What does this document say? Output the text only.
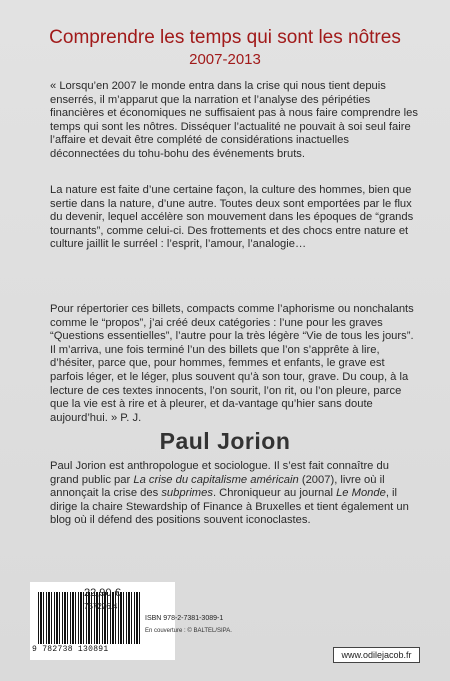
Comprendre les temps qui sont les nôtres
2007-2013
« Lorsqu’en 2007 le monde entra dans la crise qui nous tient depuis enserrés, il m’apparut que la narration et l’analyse des péripéties financières et économiques ne suffisaient pas à nous faire comprendre les temps qui sont les nôtres. Disséquer l’actualité ne pouvait à soi seul faire l’affaire et devait être complété de considérations inactuelles déconnectées du tohu-bohu des événements bruts.
La nature est faite d’une certaine façon, la culture des hommes, bien que sertie dans la nature, d’une autre. Toutes deux sont emportées par le flux du devenir, lequel accélère son mouvement dans les époques de “grands tournants”, comme celui-ci. Des frottements et des chocs entre nature et culture jaillit le surréel : l’esprit, l’amour, l’analogie…
Pour répertorier ces billets, compacts comme l’aphorisme ou nonchalants comme le “propos”, j’ai créé deux catégories : l’une pour les graves “Questions essentielles”, l’autre pour la très légère “Vie de tous les jours”. Il m’arriva, une fois terminé l’un des billets que l’on s’apprête à lire, d’hésiter, parce que, pour hommes, femmes et enfants, le grave est parfois léger, et le léger, plus souvent qu’à son tour, grave. Du coup, à la lecture de ces textes innocents, l’on sourit, l’on rit, ou l’on pleure, parce que la vie est à rire et à pleurer, et da-vantage qu’hier sans doute aujourd’hui. » P. J.
Paul Jorion
Paul Jorion est anthropologue et sociologue. Il s’est fait connaître du grand public par La crise du capitalisme américain (2007), livre où il annonçait la crise des subprimes. Chroniqueur au journal Le Monde, il dirige la chaire Stewardship of Finance à Bruxelles et tient également un blog où il défend des positions souvent iconoclastes.
9 782738 130891
22,90 €
757276.4
ISBN 978-2-7381-3089-1
En couverture : © BALTEL/SIPA.
www.odilejacob.fr
